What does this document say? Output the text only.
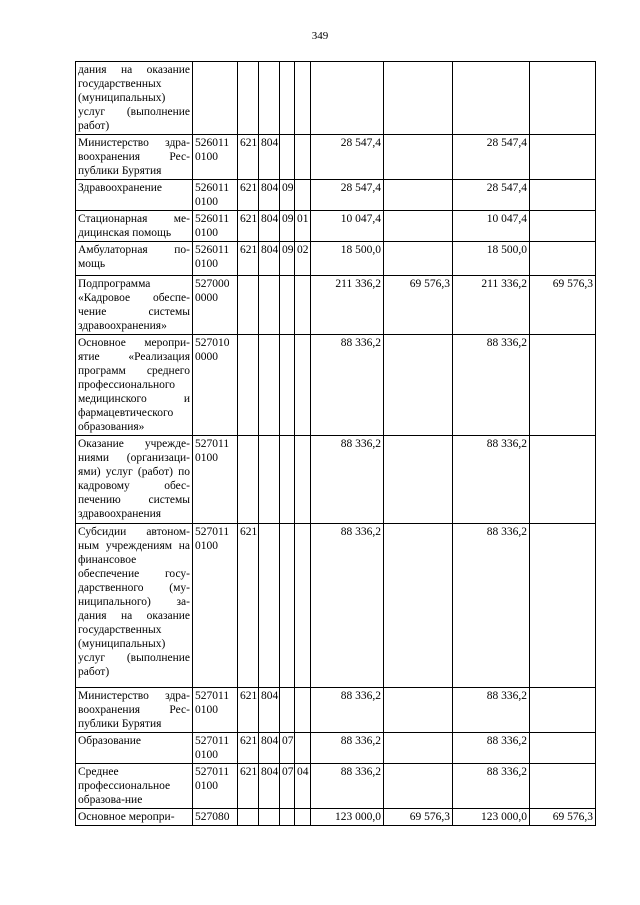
349
дания на оказание государственных (муниципальных) услуг (выполнение работ)									
Министерство здра-воохранения Рес-публики Бурятия	526011 0100	621	804			28 547,4		28 547,4	
Здравоохранение	526011 0100	621	804	09		28 547,4		28 547,4	
Стационарная ме-дицинская помощь	526011 0100	621	804	09	01	10 047,4		10 047,4	
Амбулаторная по-мощь	526011 0100	621	804	09	02	18 500,0		18 500,0	
Подпрограмма «Кадровое обеспе-чение системы здравоохранения»	527000 0000					211 336,2	69 576,3	211 336,2	69 576,3
Основное меропри-ятие «Реализация программ среднего профессионального медицинского и фармацевтического образования»	527010 0000					88 336,2		88 336,2	
Оказание учрежде-ниями (организаци-ями) услуг (работ) по кадровому обес-печению системы здравоохранения	527011 0100					88 336,2		88 336,2	
Субсидии автоном-ным учреждениям на финансовое обеспечение госу-дарственного (му-ниципального) за-дания на оказание государственных (муниципальных) услуг (выполнение работ)	527011 0100	621				88 336,2		88 336,2	
Министерство здра-воохранения Рес-публики Бурятия	527011 0100	621	804			88 336,2		88 336,2	
Образование	527011 0100	621	804	07		88 336,2		88 336,2	
Среднее профессиональное образова-ние	527011 0100	621	804	07	04	88 336,2		88 336,2	
Основное меропри-	527080					123 000,0	69 576,3	123 000,0	69 576,3
